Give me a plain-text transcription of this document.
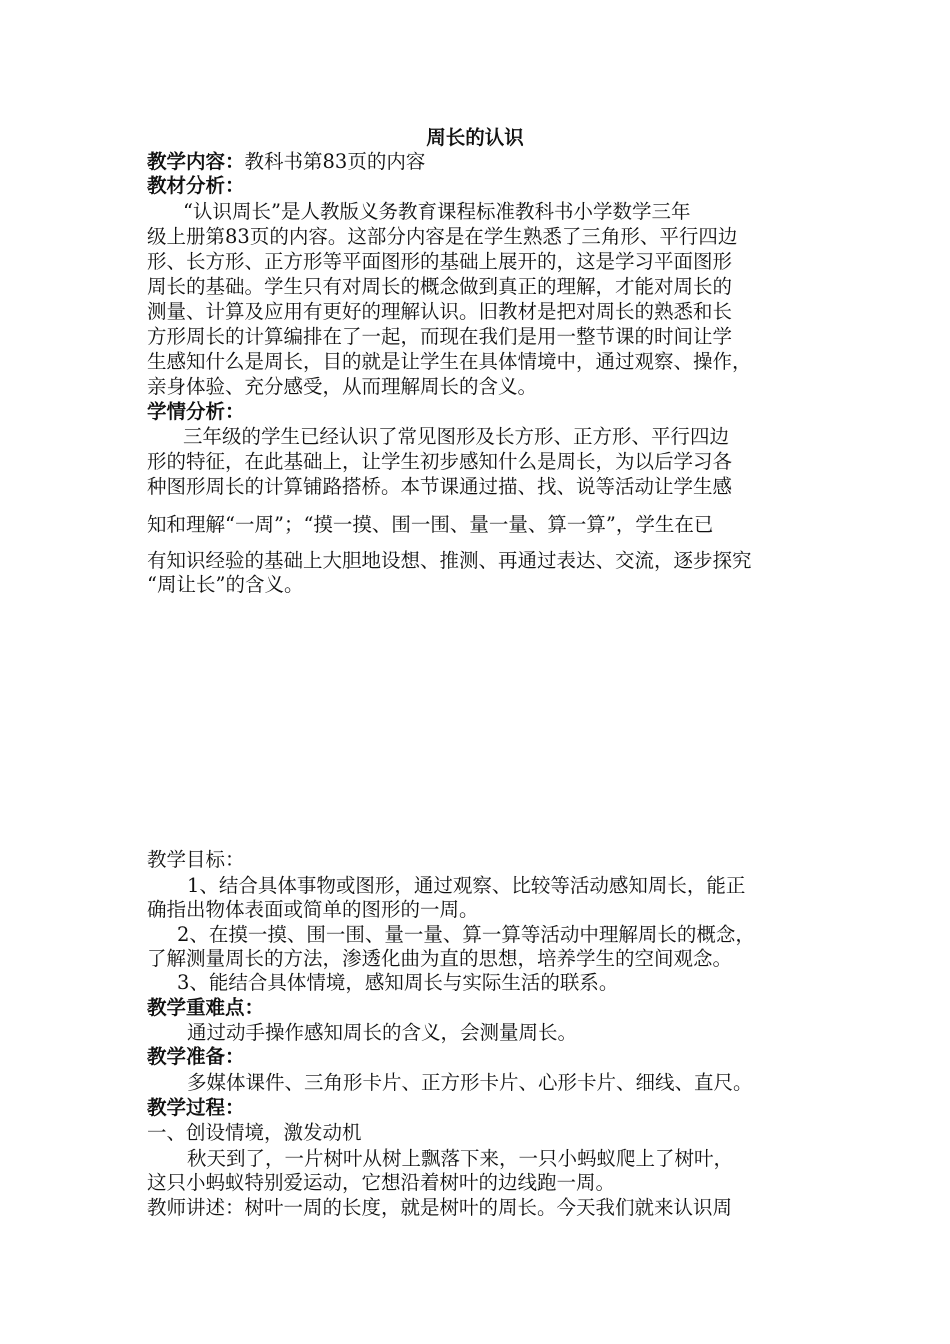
周长的认识
教学内容：教科书第83页的内容
教材分析：
“认识周长”是人教版义务教育课程标准教科书小学数学三年
级上册第83页的内容。这部分内容是在学生熟悉了三角形、平行四边
形、长方形、正方形等平面图形的基础上展开的，这是学习平面图形
周长的基础。学生只有对周长的概念做到真正的理解，才能对周长的
测量、计算及应用有更好的理解认识。旧教材是把对周长的熟悉和长
方形周长的计算编排在了一起，而现在我们是用一整节课的时间让学
生感知什么是周长，目的就是让学生在具体情境中，通过观察、操作，
亲身体验、充分感受，从而理解周长的含义。
学情分析：
三年级的学生已经认识了常见图形及长方形、正方形、平行四边
形的特征，在此基础上，让学生初步感知什么是周长，为以后学习各
种图形周长的计算铺路搭桥。本节课通过描、找、说等活动让学生感
知和理解“一周”；“摸一摸、围一围、量一量、算一算”，学生在已
有知识经验的基础上大胆地设想、推测、再通过表达、交流，逐步探究
“周让长”的含义。
教学目标：
1、结合具体事物或图形，通过观察、比较等活动感知周长，能正
确指出物体表面或简单的图形的一周。
2、在摸一摸、围一围、量一量、算一算等活动中理解周长的概念，
了解测量周长的方法，渗透化曲为直的思想，培养学生的空间观念。
3、能结合具体情境，感知周长与实际生活的联系。
教学重难点：
通过动手操作感知周长的含义，会测量周长。
教学准备：
多媒体课件、三角形卡片、正方形卡片、心形卡片、细线、直尺。
教学过程：
一、创设情境，激发动机
秋天到了，一片树叶从树上飘落下来，一只小蚂蚁爬上了树叶，
这只小蚂蚁特别爱运动，它想沿着树叶的边线跑一周。
教师讲述：树叶一周的长度，就是树叶的周长。今天我们就来认识周
